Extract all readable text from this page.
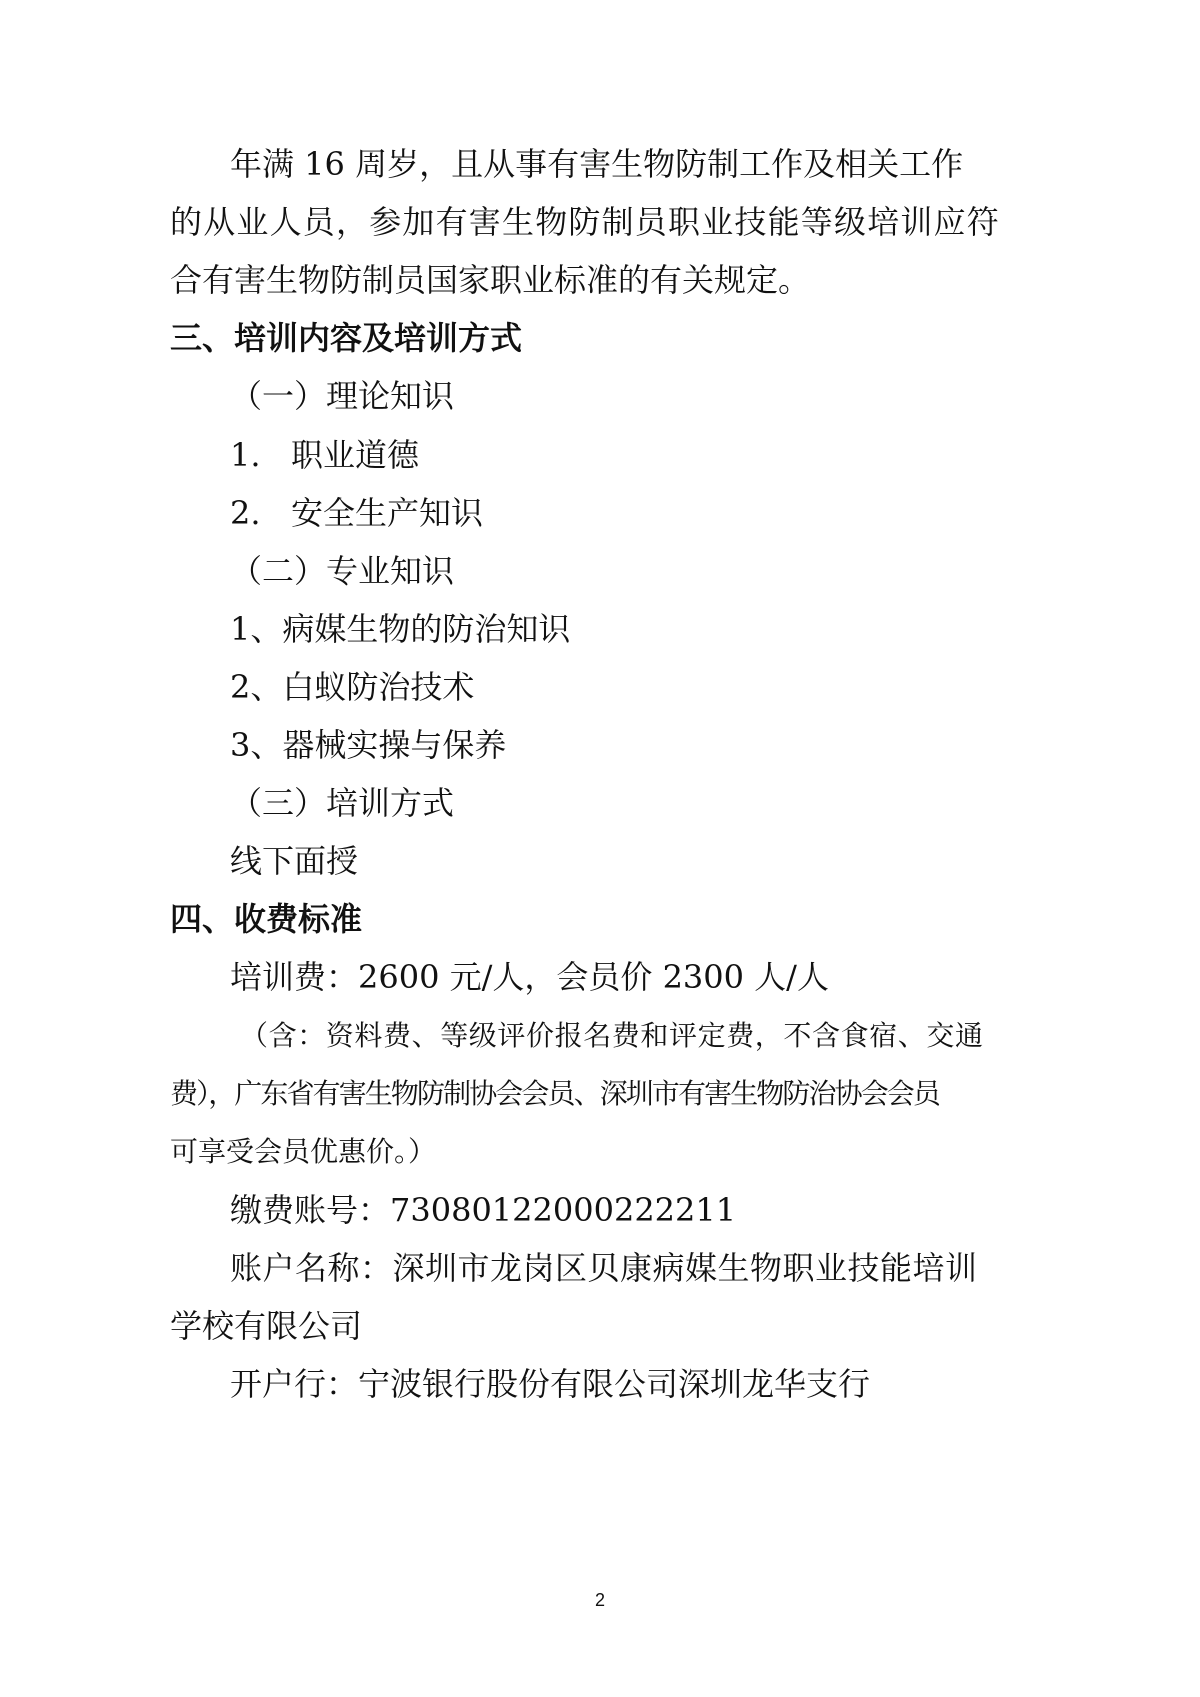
年满 16 周岁，且从事有害生物防制工作及相关工作
的从业人员，参加有害生物防制员职业技能等级培训应符
合有害生物防制员国家职业标准的有关规定。
三、培训内容及培训方式
（一）理论知识
1.   职业道德
2.   安全生产知识
（二）专业知识
1、病媒生物的防治知识
2、白蚁防治技术
3、器械实操与保养
（三）培训方式
线下面授
四、收费标准
培训费：2600 元/人，会员价 2300 人/人
（含：资料费、等级评价报名费和评定费，不含食宿、交通
费），广东省有害生物防制协会会员、深圳市有害生物防治协会会员
可享受会员优惠价。）
缴费账号：73080122000222211
账户名称：深圳市龙岗区贝康病媒生物职业技能培训
学校有限公司
开户行：宁波银行股份有限公司深圳龙华支行
2
